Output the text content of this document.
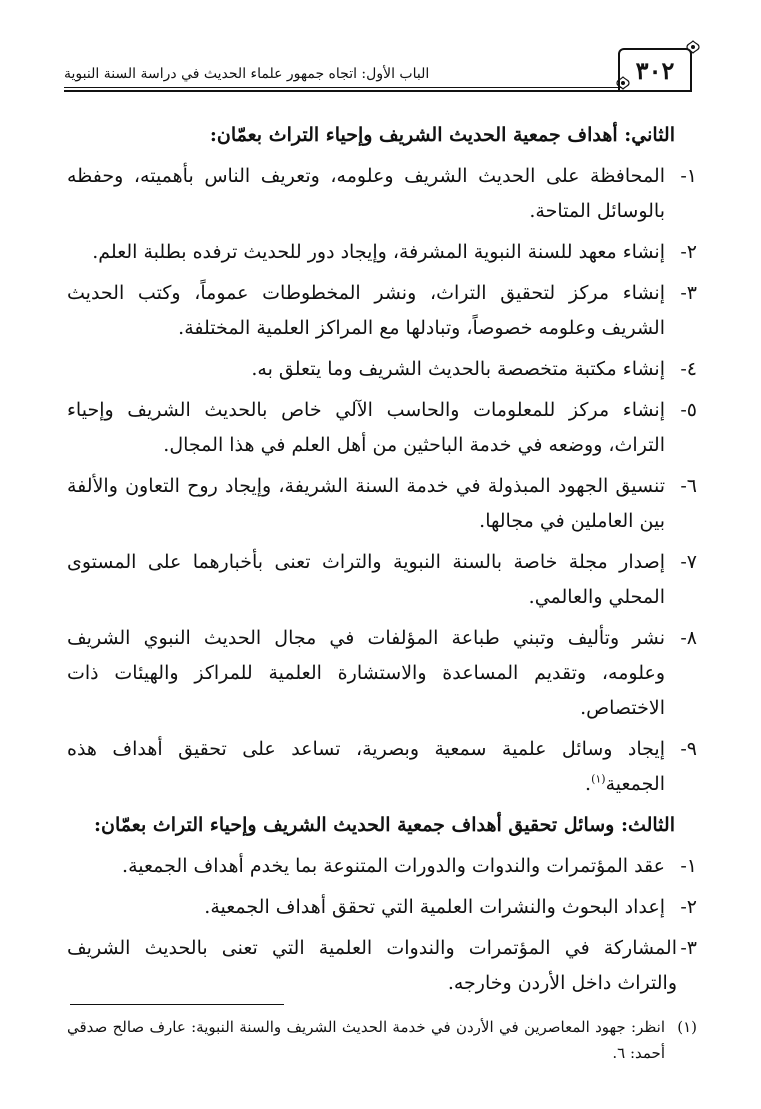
٣٠٢
الباب الأول: اتجاه جمهور علماء الحديث في دراسة السنة النبوية
الثاني: أهداف جمعية الحديث الشريف وإحياء التراث بعمّان:
١-
المحافظة على الحديث الشريف وعلومه، وتعريف الناس بأهميته، وحفظه بالوسائل المتاحة.
٢-
إنشاء معهد للسنة النبوية المشرفة، وإيجاد دور للحديث ترفده بطلبة العلم.
٣-
إنشاء مركز لتحقيق التراث، ونشر المخطوطات عموماً، وكتب الحديث الشريف وعلومه خصوصاً، وتبادلها مع المراكز العلمية المختلفة.
٤-
إنشاء مكتبة متخصصة بالحديث الشريف وما يتعلق به.
٥-
إنشاء مركز للمعلومات والحاسب الآلي خاص بالحديث الشريف وإحياء التراث، ووضعه في خدمة الباحثين من أهل العلم في هذا المجال.
٦-
تنسيق الجهود المبذولة في خدمة السنة الشريفة، وإيجاد روح التعاون والألفة بين العاملين في مجالها.
٧-
إصدار مجلة خاصة بالسنة النبوية والتراث تعنى بأخبارهما على المستوى المحلي والعالمي.
٨-
نشر وتأليف وتبني طباعة المؤلفات في مجال الحديث النبوي الشريف وعلومه، وتقديم المساعدة والاستشارة العلمية للمراكز والهيئات ذات الاختصاص.
٩-
إيجاد وسائل علمية سمعية وبصرية، تساعد على تحقيق أهداف هذه الجمعية$^{(١)}$.
الثالث: وسائل تحقيق أهداف جمعية الحديث الشريف وإحياء التراث بعمّان:
١-
عقد المؤتمرات والندوات والدورات المتنوعة بما يخدم أهداف الجمعية.
٢-
إعداد البحوث والنشرات العلمية التي تحقق أهداف الجمعية.
٣-
المشاركة في المؤتمرات والندوات العلمية التي تعنى بالحديث الشريف والتراث داخل الأردن وخارجه.
(١)
انظر: جهود المعاصرين في الأردن في خدمة الحديث الشريف والسنة النبوية: عارف صالح صدقي أحمد: ٦.
